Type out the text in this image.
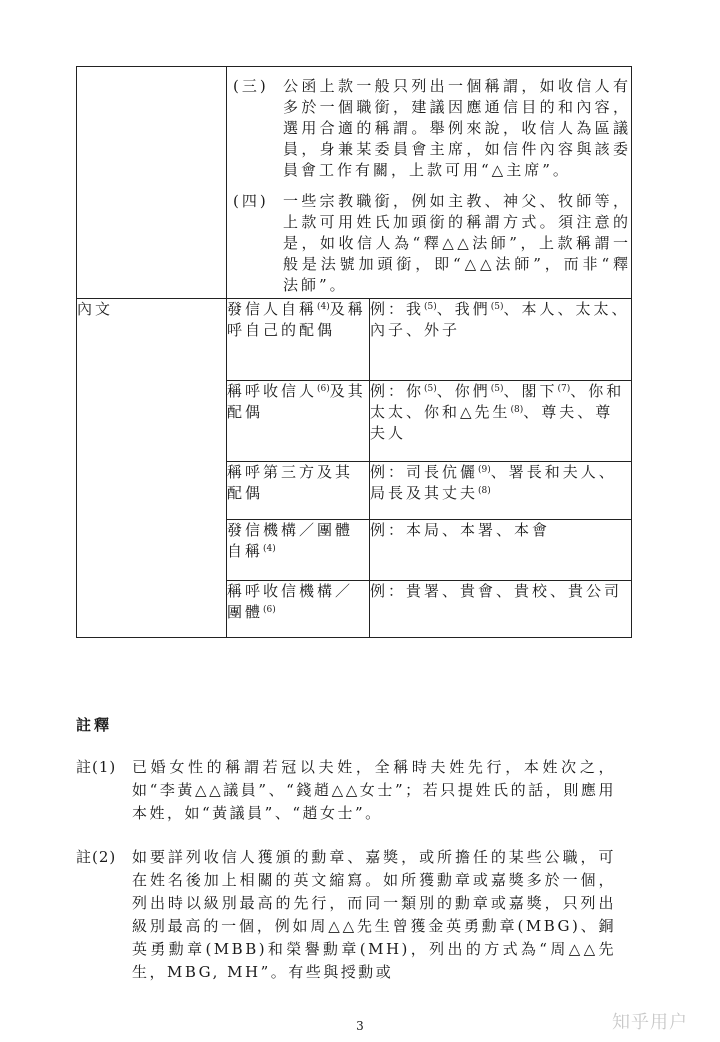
	(三) 公函上款一般只列出一個稱謂，如收信人有多於一個職銜，建議因應通信目的和內容，選用合適的稱謂。舉例來說，收信人為區議員，身兼某委員會主席，如信件內容與該委員會工作有關，上款可用“△主席”。
(四) 一些宗教職銜，例如主教、神父、牧師等，上款可用姓氏加頭銜的稱謂方式。須注意的是，如收信人為“釋△△法師”，上款稱謂一般是法號加頭銜，即“△△法師”，而非“釋法師”。	

內文	發信人自稱$^{(4)}$及稱呼自己的配偶	例：我$^{(5)}$、我們$^{(5)}$、本人、太太、內子、外子
	稱呼收信人$^{(6)}$及其配偶	例：你$^{(5)}$、你們$^{(5)}$、閣下$^{(7)}$、你和太太、你和△先生$^{(8)}$、尊夫、尊夫人
	稱呼第三方及其配偶	例：司長伉儷$^{(9)}$、署長和夫人、局長及其丈夫$^{(8)}$
	發信機構／團體自稱$^{(4)}$	例：本局、本署、本會
	稱呼收信機構／團體$^{(6)}$	例：貴署、貴會、貴校、貴公司
註釋
註(1)	已婚女性的稱謂若冠以夫姓，全稱時夫姓先行，本姓次之，如“李黃△△議員”、“錢趙△△女士”；若只提姓氏的話，則應用本姓，如“黃議員”、“趙女士”。
註(2)	如要詳列收信人獲頒的勳章、嘉獎，或所擔任的某些公職，可在姓名後加上相關的英文縮寫。如所獲勳章或嘉獎多於一個，列出時以級別最高的先行，而同一類別的勳章或嘉獎，只列出級別最高的一個，例如周△△先生曾獲金英勇勳章(MBG)、銅英勇勳章(MBB)和榮譽勳章(MH)，列出的方式為“周△△先生，MBG, MH”。有些與授勳或
3	知乎用户
